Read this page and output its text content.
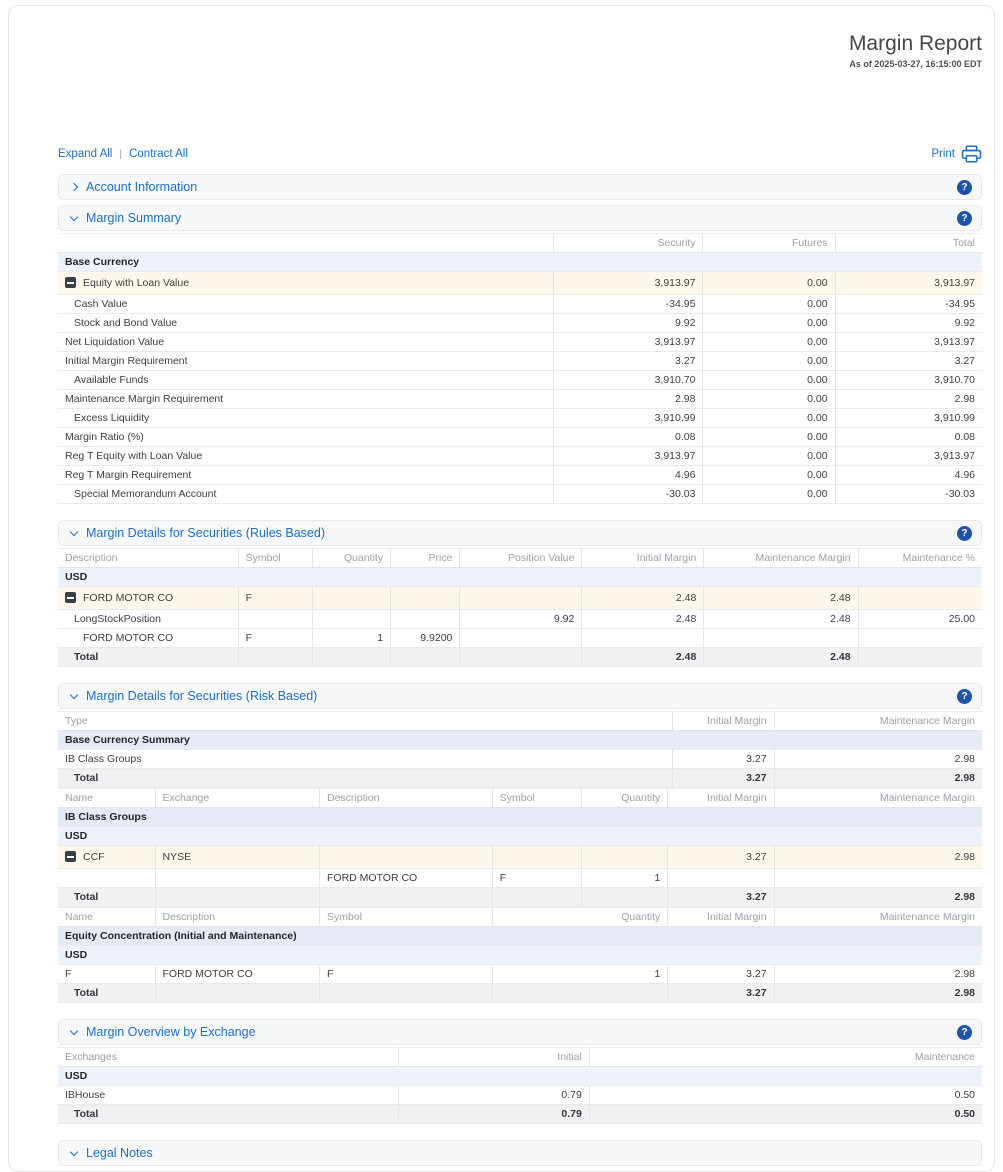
Margin Report
As of 2025-03-27, 16:15:00 EDT
Expand All | Contract All	Print
Account Information	?
Margin Summary	?
	Security	Futures	Total
Base Currency			
Equity with Loan Value	3,913.97	0.00	3,913.97
Cash Value	-34.95	0.00	-34.95
Stock and Bond Value	9.92	0.00	9.92
Net Liquidation Value	3,913.97	0.00	3,913.97
Initial Margin Requirement	3.27	0.00	3.27
Available Funds	3,910.70	0.00	3,910.70
Maintenance Margin Requirement	2.98	0.00	2.98
Excess Liquidity	3,910.99	0.00	3,910.99
Margin Ratio (%)	0.08	0.00	0.08
Reg T Equity with Loan Value	3,913.97	0.00	3,913.97
Reg T Margin Requirement	4.96	0.00	4.96
Special Memorandum Account	-30.03	0.00	-30.03
Margin Details for Securities (Rules Based)	?
Description	Symbol	Quantity	Price	Position Value	Initial Margin	Maintenance Margin	Maintenance %
USD							
FORD MOTOR CO	F				2.48	2.48	
LongStockPosition				9.92	2.48	2.48	25.00
FORD MOTOR CO	F	1	9.9200				
Total					2.48	2.48	
Margin Details for Securities (Risk Based)	?
Type	Initial Margin	Maintenance Margin
Base Currency Summary		
IB Class Groups	3.27	2.98
Total	3.27	2.98
Name	Exchange	Description	Symbol	Quantity	Initial Margin	Maintenance Margin
IB Class Groups						
USD						
CCF	NYSE				3.27	2.98
		FORD MOTOR CO	F	1		
Total					3.27	2.98
Name	Description	Symbol	Quantity	Initial Margin	Maintenance Margin
Equity Concentration (Initial and Maintenance)					
USD					
F	FORD MOTOR CO	F	1	3.27	2.98
Total				3.27	2.98
Margin Overview by Exchange	?
Exchanges	Initial	Maintenance
USD		
IBHouse	0.79	0.50
Total	0.79	0.50
Legal Notes
